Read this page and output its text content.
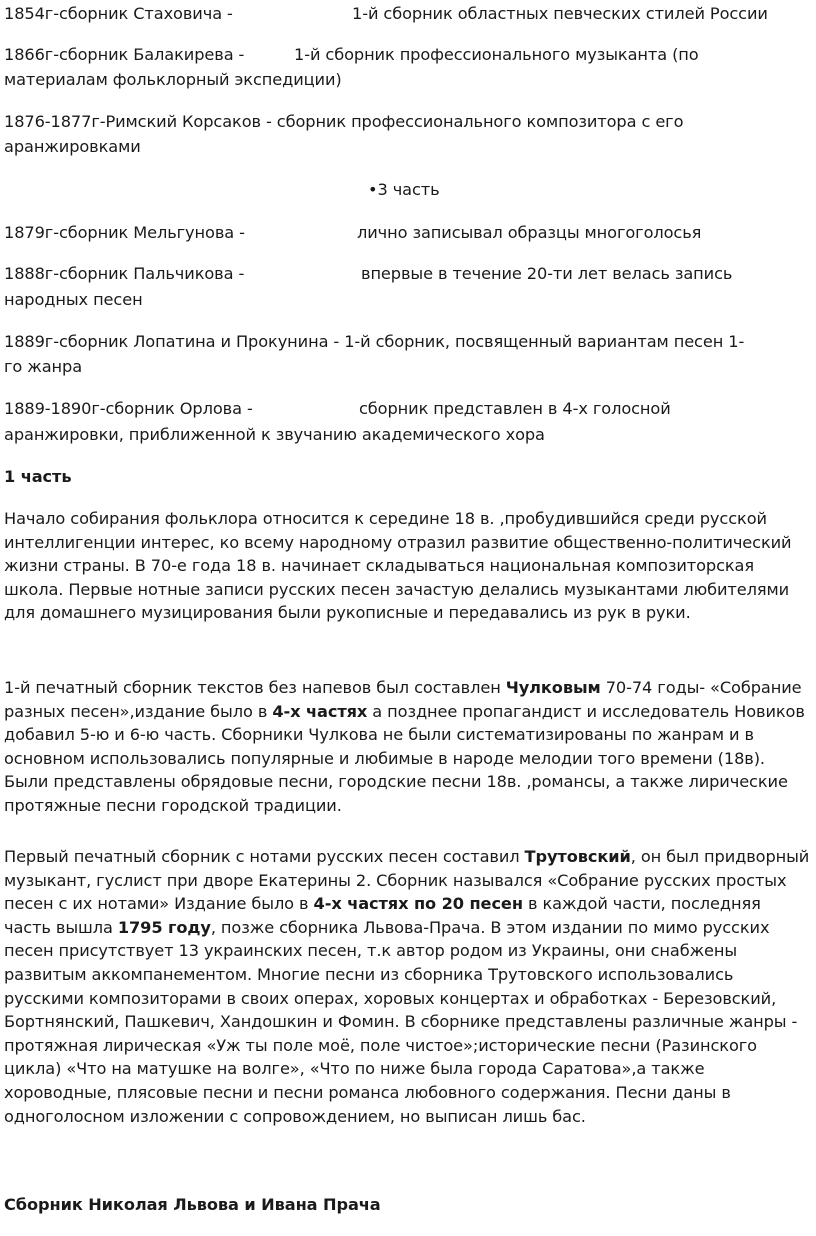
1854г-сборник Стаховича -	1-й сборник областных певческих стилей России
1866г-сборник Балакирева -	1-й сборник профессионального музыканта (по
материалам фольклорный экспедиции)
1876-1877г-Римский Корсаков - сборник профессионального композитора с его
аранжировками
•3 часть
1879г-сборник Мельгунова -	лично записывал образцы многоголосья
1888г-сборник Пальчикова -	впервые в течение 20-ти лет велась запись
народных песен
1889г-сборник Лопатина и Прокунина - 1-й сборник, посвященный вариантам песен 1-
го жанра
1889-1890г-сборник Орлова -	сборник представлен в 4-х голосной
аранжировки, приближенной к звучанию академического хора
1 часть
Начало собирания фольклора относится к середине 18 в. ,пробудившийся среди русской интеллигенции интерес, ко всему народному отразил развитие общественно-политический жизни страны. В 70-е года 18 в. начинает складываться национальная композиторская школа. Первые нотные записи русских песен зачастую делались музыкантами любителями для домашнего музицирования были рукописные и передавались из рук в руки.
1-й печатный сборник текстов без напевов был составлен Чулковым 70-74 годы- «Собрание разных песен»,издание было в 4-х частях а позднее пропагандист и исследователь Новиков добавил 5-ю и 6-ю часть. Сборники Чулкова не были систематизированы по жанрам и в основном использовались популярные и любимые в народе мелодии того времени (18в). Были представлены обрядовые песни, городские песни 18в. ,романсы, а также лирические протяжные песни городской традиции.
Первый печатный сборник с нотами русских песен составил Трутовский, он был придворный музыкант, гуслист при дворе Екатерины 2. Сборник назывался «Собрание русских простых песен с их нотами» Издание было в 4-х частях по 20 песен в каждой части, последняя часть вышла 1795 году, позже сборника Львова-Прача. В этом издании по мимо русских песен присутствует 13 украинских песен, т.к автор родом из Украины, они снабжены развитым аккомпанементом. Многие песни из сборника Трутовского использовались русскими композиторами в своих операх, хоровых концертах и обработках - Березовский, Бортнянский, Пашкевич, Хандошкин и Фомин. В сборнике представлены различные жанры - протяжная лирическая «Уж ты поле моё, поле чистое»;исторические песни (Разинского цикла) «Что на матушке на волге», «Что по ниже была города Саратова»,а также хороводные, плясовые песни и песни романса любовного содержания. Песни даны в одноголосном изложении с сопровождением, но выписан лишь бас.
Сборник Николая Львова и Ивана Прача
